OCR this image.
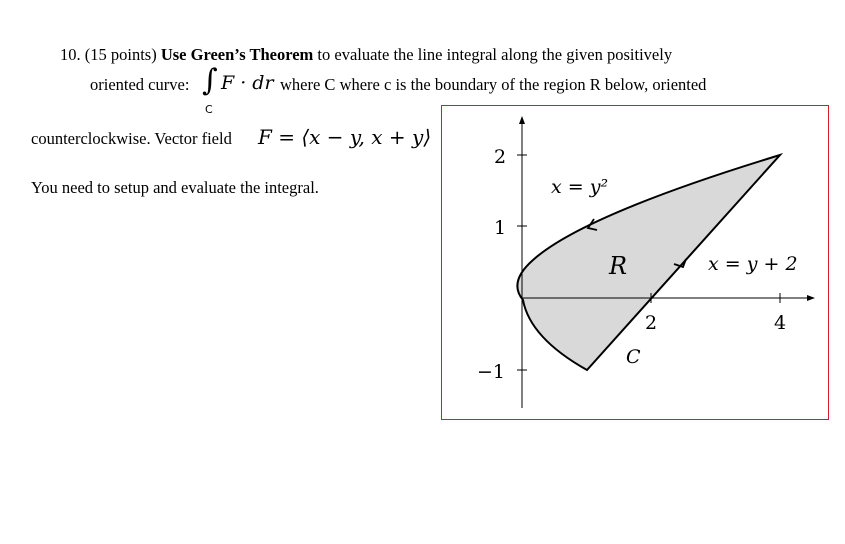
10. (15 points) Use Green’s Theorem to evaluate the line integral along the given positively
oriented curve: ∫
C
F · dr where C where c is the boundary of the region R below, oriented
counterclockwise. Vector field F = ⟨x − y, x + y⟩
You need to setup and evaluate the integral.
2
1
−1
2	4
x = y²
x = y + 2
R
C
